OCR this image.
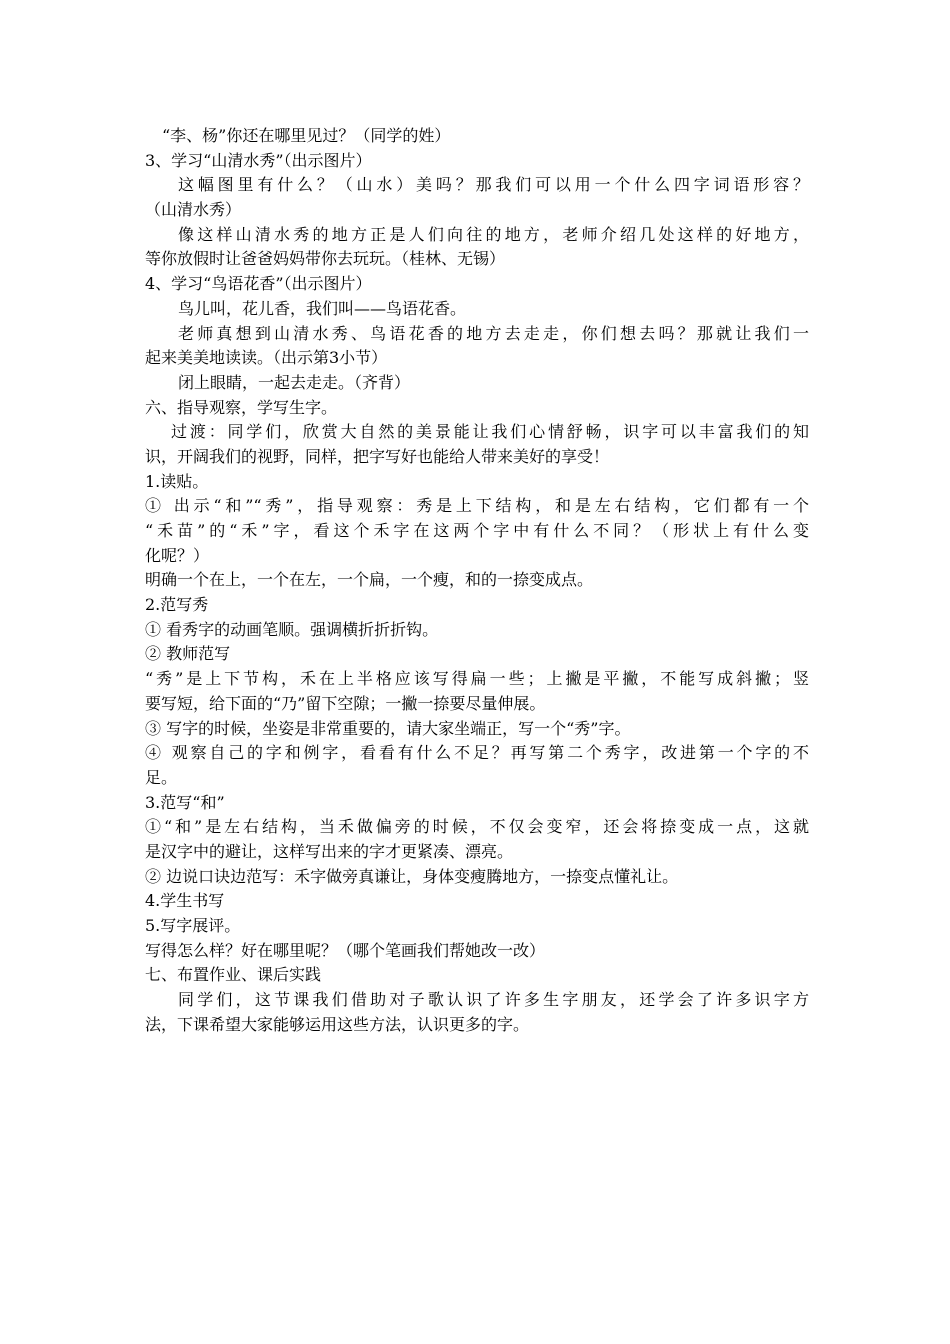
“李、杨”你还在哪里见过？（同学的姓）
3、学习“山清水秀”（出示图片）
这幅图里有什么？（山水）美吗？那我们可以用一个什么四字词语形容？
（山清水秀）
像这样山清水秀的地方正是人们向往的地方，老师介绍几处这样的好地方，
等你放假时让爸爸妈妈带你去玩玩。（桂林、无锡）
4、学习“鸟语花香”（出示图片）
鸟儿叫，花儿香，我们叫——鸟语花香。
老师真想到山清水秀、鸟语花香的地方去走走，你们想去吗？那就让我们一
起来美美地读读。（出示第3小节）
闭上眼睛，一起去走走。（齐背）
六、指导观察，学写生字。
过渡：同学们，欣赏大自然的美景能让我们心情舒畅，识字可以丰富我们的知
识，开阔我们的视野，同样，把字写好也能给人带来美好的享受！
1.读贴。
① 出示“和”“秀”，指导观察：秀是上下结构，和是左右结构，它们都有一个
“禾苗”的“禾”字，看这个禾字在这两个字中有什么不同？（形状上有什么变
化呢？）
明确一个在上，一个在左，一个扁，一个瘦，和的一捺变成点。
2.范写秀
① 看秀字的动画笔顺。强调横折折折钩。
② 教师范写
“秀”是上下节构，禾在上半格应该写得扁一些；上撇是平撇，不能写成斜撇；竖
要写短，给下面的“乃”留下空隙；一撇一捺要尽量伸展。
③ 写字的时候，坐姿是非常重要的，请大家坐端正，写一个“秀”字。
④ 观察自己的字和例字，看看有什么不足？再写第二个秀字，改进第一个字的不
足。
3.范写“和”
①“和”是左右结构，当禾做偏旁的时候，不仅会变窄，还会将捺变成一点，这就
是汉字中的避让，这样写出来的字才更紧凑、漂亮。
② 边说口诀边范写：禾字做旁真谦让，身体变瘦腾地方，一捺变点懂礼让。
4.学生书写
5.写字展评。
写得怎么样？好在哪里呢？（哪个笔画我们帮她改一改）
七、布置作业、课后实践
同学们，这节课我们借助对子歌认识了许多生字朋友，还学会了许多识字方
法，下课希望大家能够运用这些方法，认识更多的字。
